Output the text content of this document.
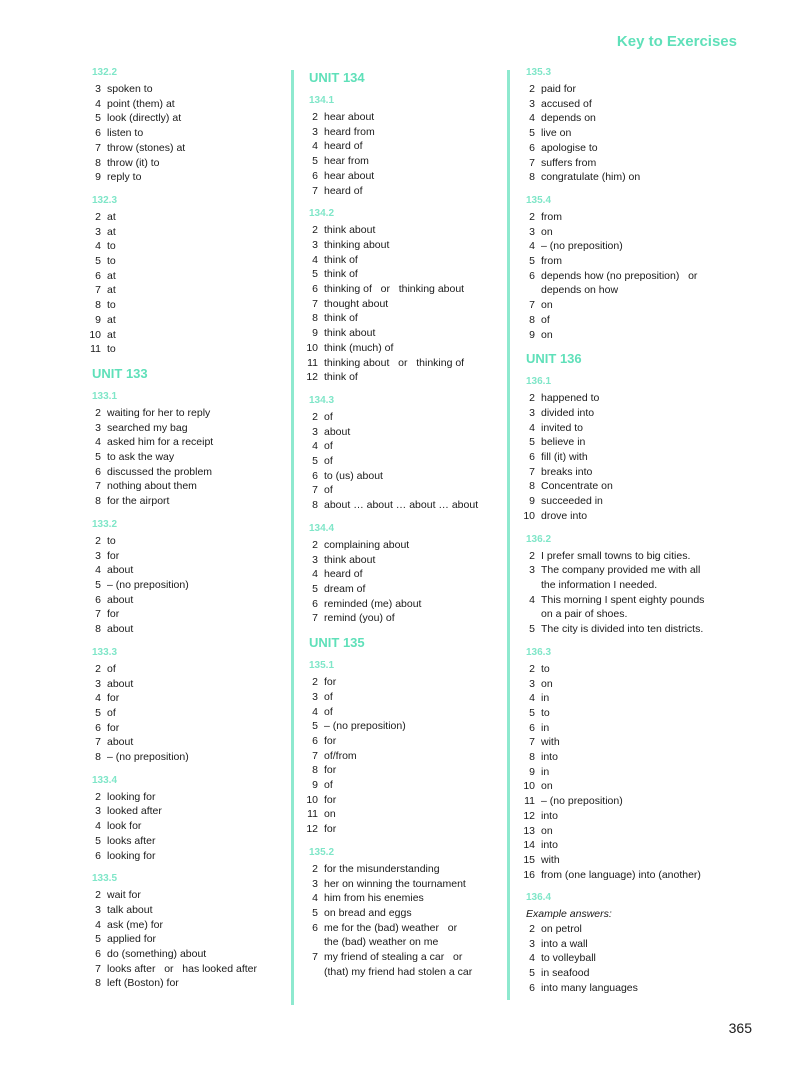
Key to Exercises
132.2
3 spoken to
4 point (them) at
5 look (directly) at
6 listen to
7 throw (stones) at
8 throw (it) to
9 reply to
132.3
2 at
3 at
4 to
5 to
6 at
7 at
8 to
9 at
10 at
11 to
UNIT 133
133.1
2 waiting for her to reply
3 searched my bag
4 asked him for a receipt
5 to ask the way
6 discussed the problem
7 nothing about them
8 for the airport
133.2
2 to
3 for
4 about
5 – (no preposition)
6 about
7 for
8 about
133.3
2 of
3 about
4 for
5 of
6 for
7 about
8 – (no preposition)
133.4
2 looking for
3 looked after
4 look for
5 looks after
6 looking for
133.5
2 wait for
3 talk about
4 ask (me) for
5 applied for
6 do (something) about
7 looks after   or   has looked after
8 left (Boston) for
UNIT 134
134.1
2 hear about
3 heard from
4 heard of
5 hear from
6 hear about
7 heard of
134.2
2 think about
3 thinking about
4 think of
5 think of
6 thinking of   or   thinking about
7 thought about
8 think of
9 think about
10 think (much) of
11 thinking about   or   thinking of
12 think of
134.3
2 of
3 about
4 of
5 of
6 to (us) about
7 of
8 about … about … about … about
134.4
2 complaining about
3 think about
4 heard of
5 dream of
6 reminded (me) about
7 remind (you) of
UNIT 135
135.1
2 for
3 of
4 of
5 – (no preposition)
6 for
7 of/from
8 for
9 of
10 for
11 on
12 for
135.2
2 for the misunderstanding
3 her on winning the tournament
4 him from his enemies
5 on bread and eggs
6 me for the (bad) weather   or
the (bad) weather on me
7 my friend of stealing a car   or
(that) my friend had stolen a car
135.3
2 paid for
3 accused of
4 depends on
5 live on
6 apologise to
7 suffers from
8 congratulate (him) on
135.4
2 from
3 on
4 – (no preposition)
5 from
6 depends how (no preposition)   or
depends on how
7 on
8 of
9 on
UNIT 136
136.1
2 happened to
3 divided into
4 invited to
5 believe in
6 fill (it) with
7 breaks into
8 Concentrate on
9 succeeded in
10 drove into
136.2
2 I prefer small towns to big cities.
3 The company provided me with all
the information I needed.
4 This morning I spent eighty pounds
on a pair of shoes.
5 The city is divided into ten districts.
136.3
2 to
3 on
4 in
5 to
6 in
7 with
8 into
9 in
10 on
11 – (no preposition)
12 into
13 on
14 into
15 with
16 from (one language) into (another)
136.4
Example answers:
2 on petrol
3 into a wall
4 to volleyball
5 in seafood
6 into many languages
365
